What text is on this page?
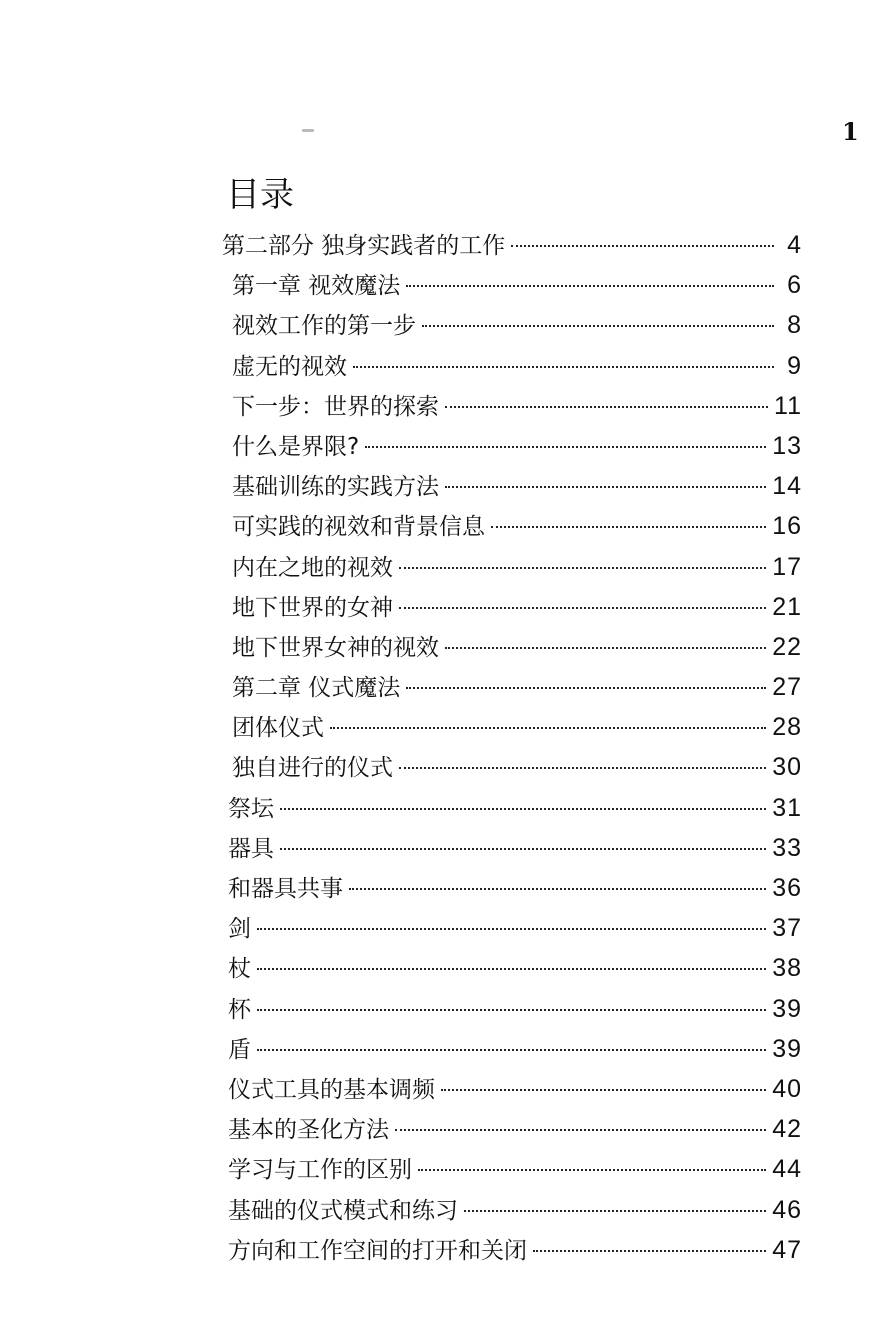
1
目录
第二部分 独身实践者的工作	4
第一章 视效魔法	6
视效工作的第一步	8
虚无的视效	9
下一步：世界的探索	11
什么是界限?	13
基础训练的实践方法	14
可实践的视效和背景信息	16
内在之地的视效	17
地下世界的女神	21
地下世界女神的视效	22
第二章 仪式魔法	27
团体仪式	28
独自进行的仪式	30
祭坛	31
器具	33
和器具共事	36
剑	37
杖	38
杯	39
盾	39
仪式工具的基本调频	40
基本的圣化方法	42
学习与工作的区别	44
基础的仪式模式和练习	46
方向和工作空间的打开和关闭	47
